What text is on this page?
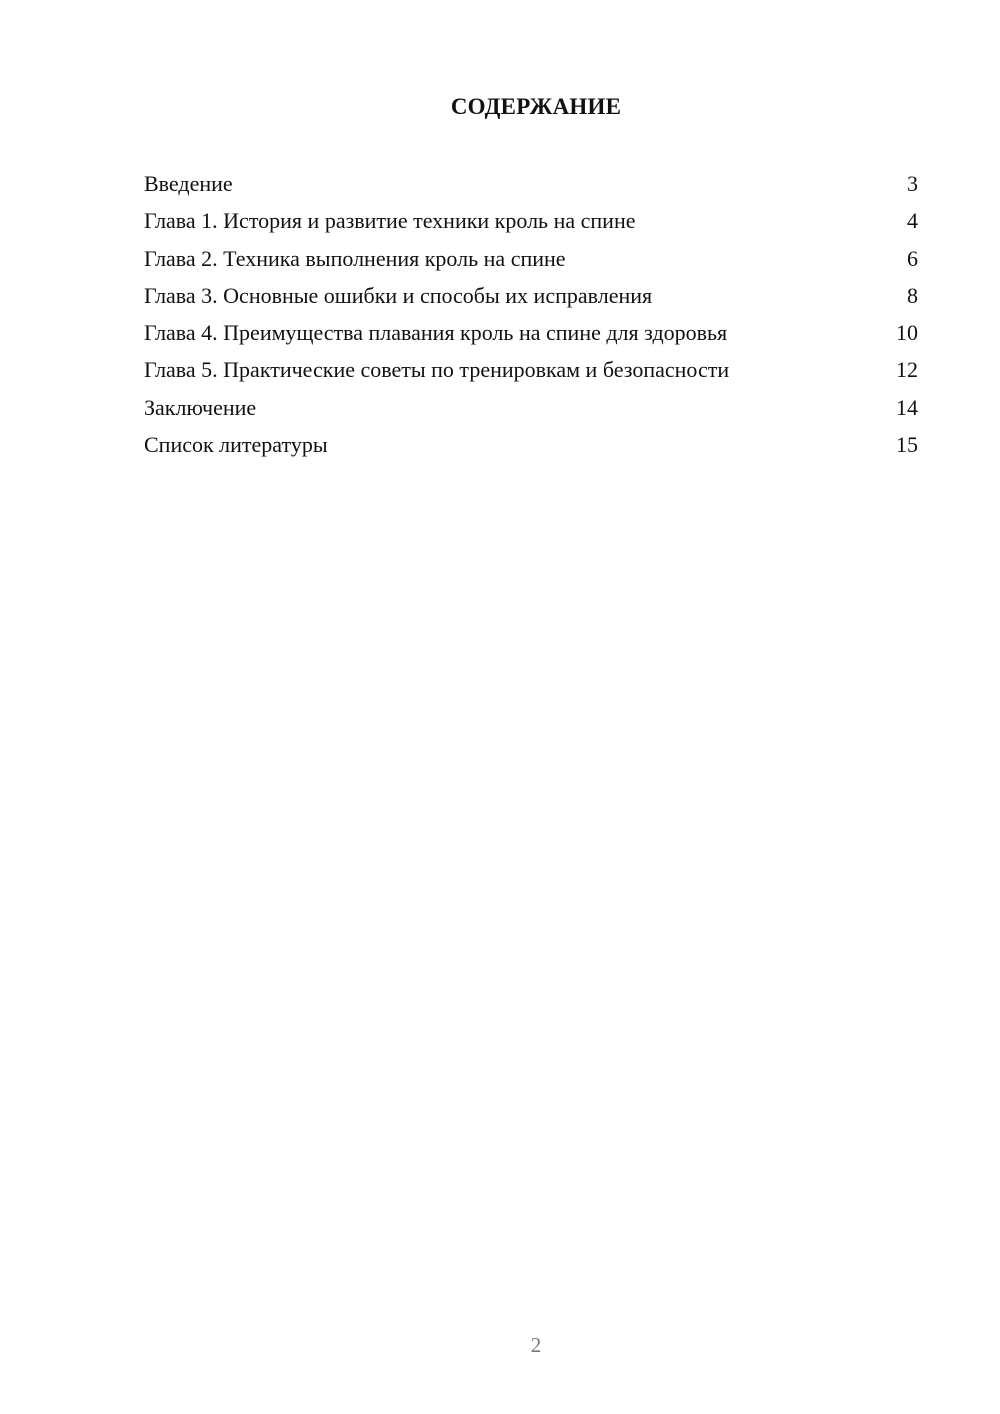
СОДЕРЖАНИЕ
Введение	3
Глава 1. История и развитие техники кроль на спине	4
Глава 2. Техника выполнения кроль на спине	6
Глава 3. Основные ошибки и способы их исправления	8
Глава 4. Преимущества плавания кроль на спине для здоровья	10
Глава 5. Практические советы по тренировкам и безопасности	12
Заключение	14
Список литературы	15
2
